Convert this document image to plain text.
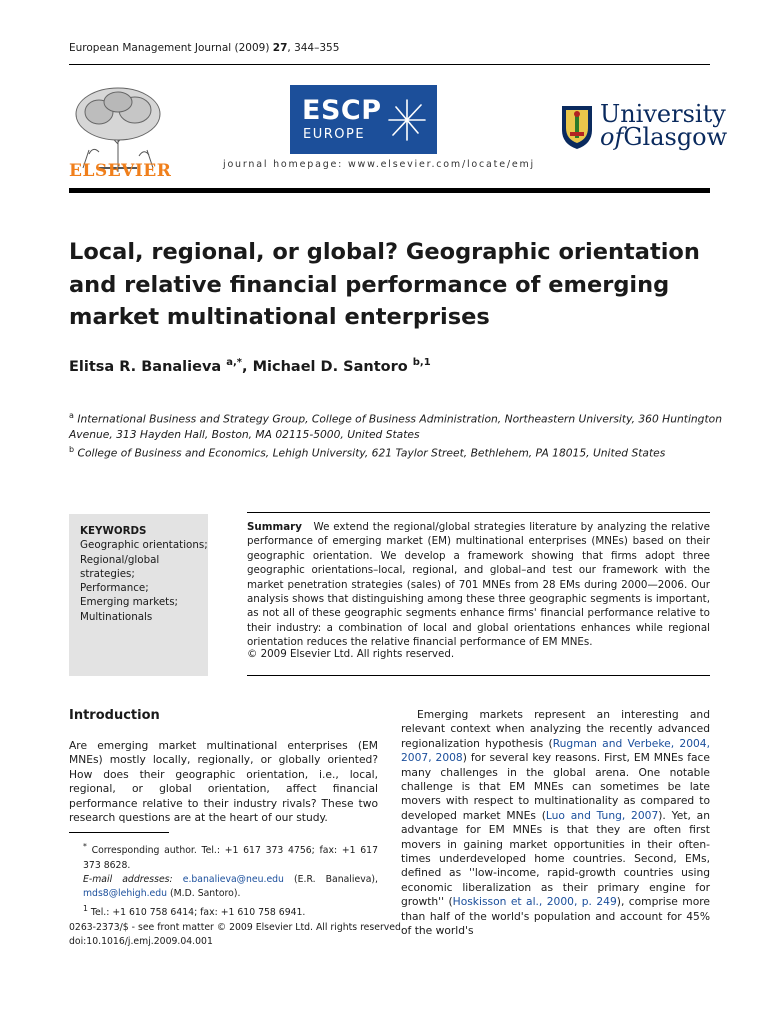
European Management Journal (2009) 27, 344–355
ELSEVIER
ESCP
EUROPE
journal homepage: www.elsevier.com/locate/emj
University
ofGlasgow
Local, regional, or global? Geographic orientation and relative financial performance of emerging market multinational enterprises
Elitsa R. Banalieva $^{a,*}$, Michael D. Santoro $^{b,1}$
$^a$ International Business and Strategy Group, College of Business Administration, Northeastern University, 360 Huntington Avenue, 313 Hayden Hall, Boston, MA 02115-5000, United States
$^b$ College of Business and Economics, Lehigh University, 621 Taylor Street, Bethlehem, PA 18015, United States
KEYWORDS
Geographic orientations;
Regional/global
strategies;
Performance;
Emerging markets;
Multinationals
Summary We extend the regional/global strategies literature by analyzing the relative performance of emerging market (EM) multinational enterprises (MNEs) based on their geographic orientation. We develop a framework showing that firms adopt three geographic orientations–local, regional, and global–and test our framework with the market penetration strategies (sales) of 701 MNEs from 28 EMs during 2000—2006. Our analysis shows that distinguishing among these three geographic segments is important, as not all of these geographic segments enhance firms' financial performance relative to their industry: a combination of local and global orientations enhances while regional orientation reduces the relative financial performance of EM MNEs.
© 2009 Elsevier Ltd. All rights reserved.
Introduction
Are emerging market multinational enterprises (EM MNEs) mostly locally, regionally, or globally oriented? How does their geographic orientation, i.e., local, regional, or global orientation, affect financial performance relative to their industry rivals? These two research questions are at the heart of our study.
Emerging markets represent an interesting and relevant context when analyzing the recently advanced regionalization hypothesis (Rugman and Verbeke, 2004, 2007, 2008) for several key reasons. First, EM MNEs face many challenges in the global arena. One notable challenge is that EM MNEs can sometimes be late movers with respect to multinationality as compared to developed market MNEs (Luo and Tung, 2007). Yet, an advantage for EM MNEs is that they are often first movers in gaining market opportunities in their often-times underdeveloped home countries. Second, EMs, defined as ''low-income, rapid-growth countries using economic liberalization as their primary engine for growth'' (Hoskisson et al., 2000, p. 249), comprise more than half of the world's population and account for 45% of the world's

* Corresponding author. Tel.: +1 617 373 4756; fax: +1 617 373 8628.

E-mail addresses: e.banalieva@neu.edu (E.R. Banalieva), mds8@lehigh.edu (M.D. Santoro).

$^1$ Tel.: +1 610 758 6414; fax: +1 610 758 6941.

0263-2373/$ - see front matter © 2009 Elsevier Ltd. All rights reserved.
doi:10.1016/j.emj.2009.04.001
